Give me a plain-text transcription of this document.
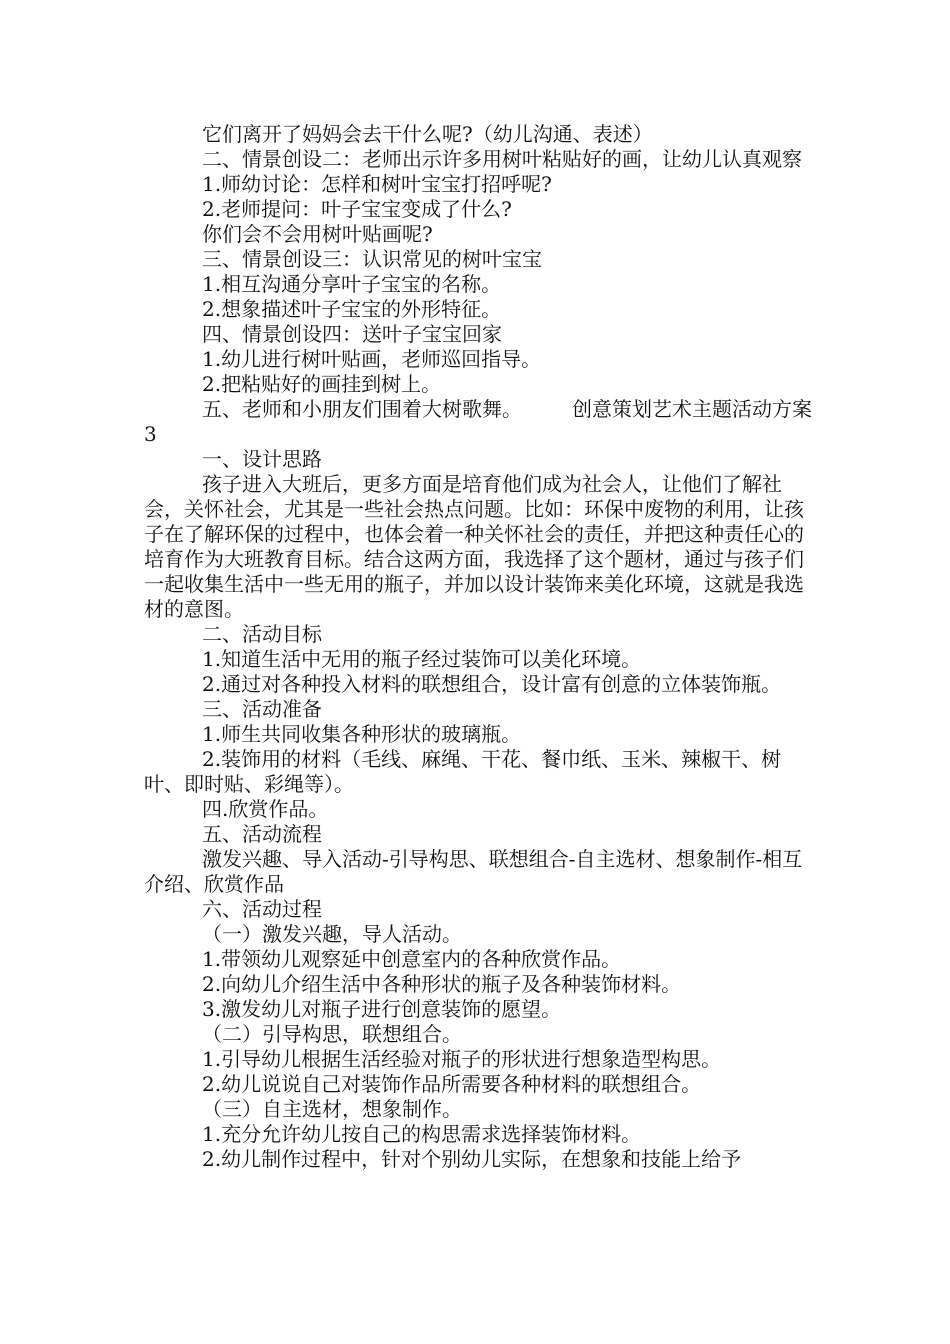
它们离开了妈妈会去干什么呢?（幼儿沟通、表述）

二、情景创设二：老师出示许多用树叶粘贴好的画，让幼儿认真观察

1.师幼讨论：怎样和树叶宝宝打招呼呢?

2.老师提问：叶子宝宝变成了什么?

你们会不会用树叶贴画呢?

三、情景创设三：认识常见的树叶宝宝

1.相互沟通分享叶子宝宝的名称。

2.想象描述叶子宝宝的外形特征。

四、情景创设四：送叶子宝宝回家

1.幼儿进行树叶贴画，老师巡回指导。

2.把粘贴好的画挂到树上。

五、老师和小朋友们围着大树歌舞。　　　创意策划艺术主题活动方案3

一、设计思路

孩子进入大班后，更多方面是培育他们成为社会人，让他们了解社会，关怀社会，尤其是一些社会热点问题。比如：环保中废物的利用，让孩子在了解环保的过程中，也体会着一种关怀社会的责任，并把这种责任心的培育作为大班教育目标。结合这两方面，我选择了这个题材，通过与孩子们一起收集生活中一些无用的瓶子，并加以设计装饰来美化环境，这就是我选材的意图。

二、活动目标

1.知道生活中无用的瓶子经过装饰可以美化环境。

2.通过对各种投入材料的联想组合，设计富有创意的立体装饰瓶。

三、活动准备

1.师生共同收集各种形状的玻璃瓶。

2.装饰用的材料（毛线、麻绳、干花、餐巾纸、玉米、辣椒干、树叶、即时贴、彩绳等）。

四.欣赏作品。

五、活动流程

激发兴趣、导入活动-引导构思、联想组合-自主选材、想象制作-相互介绍、欣赏作品

六、活动过程

（一）激发兴趣，导人活动。

1.带领幼儿观察延中创意室内的各种欣赏作品。

2.向幼儿介绍生活中各种形状的瓶子及各种装饰材料。

3.激发幼儿对瓶子进行创意装饰的愿望。

（二）引导构思，联想组合。

1.引导幼儿根据生活经验对瓶子的形状进行想象造型构思。

2.幼儿说说自己对装饰作品所需要各种材料的联想组合。

（三）自主选材，想象制作。

1.充分允许幼儿按自己的构思需求选择装饰材料。

2.幼儿制作过程中，针对个别幼儿实际，在想象和技能上给予
